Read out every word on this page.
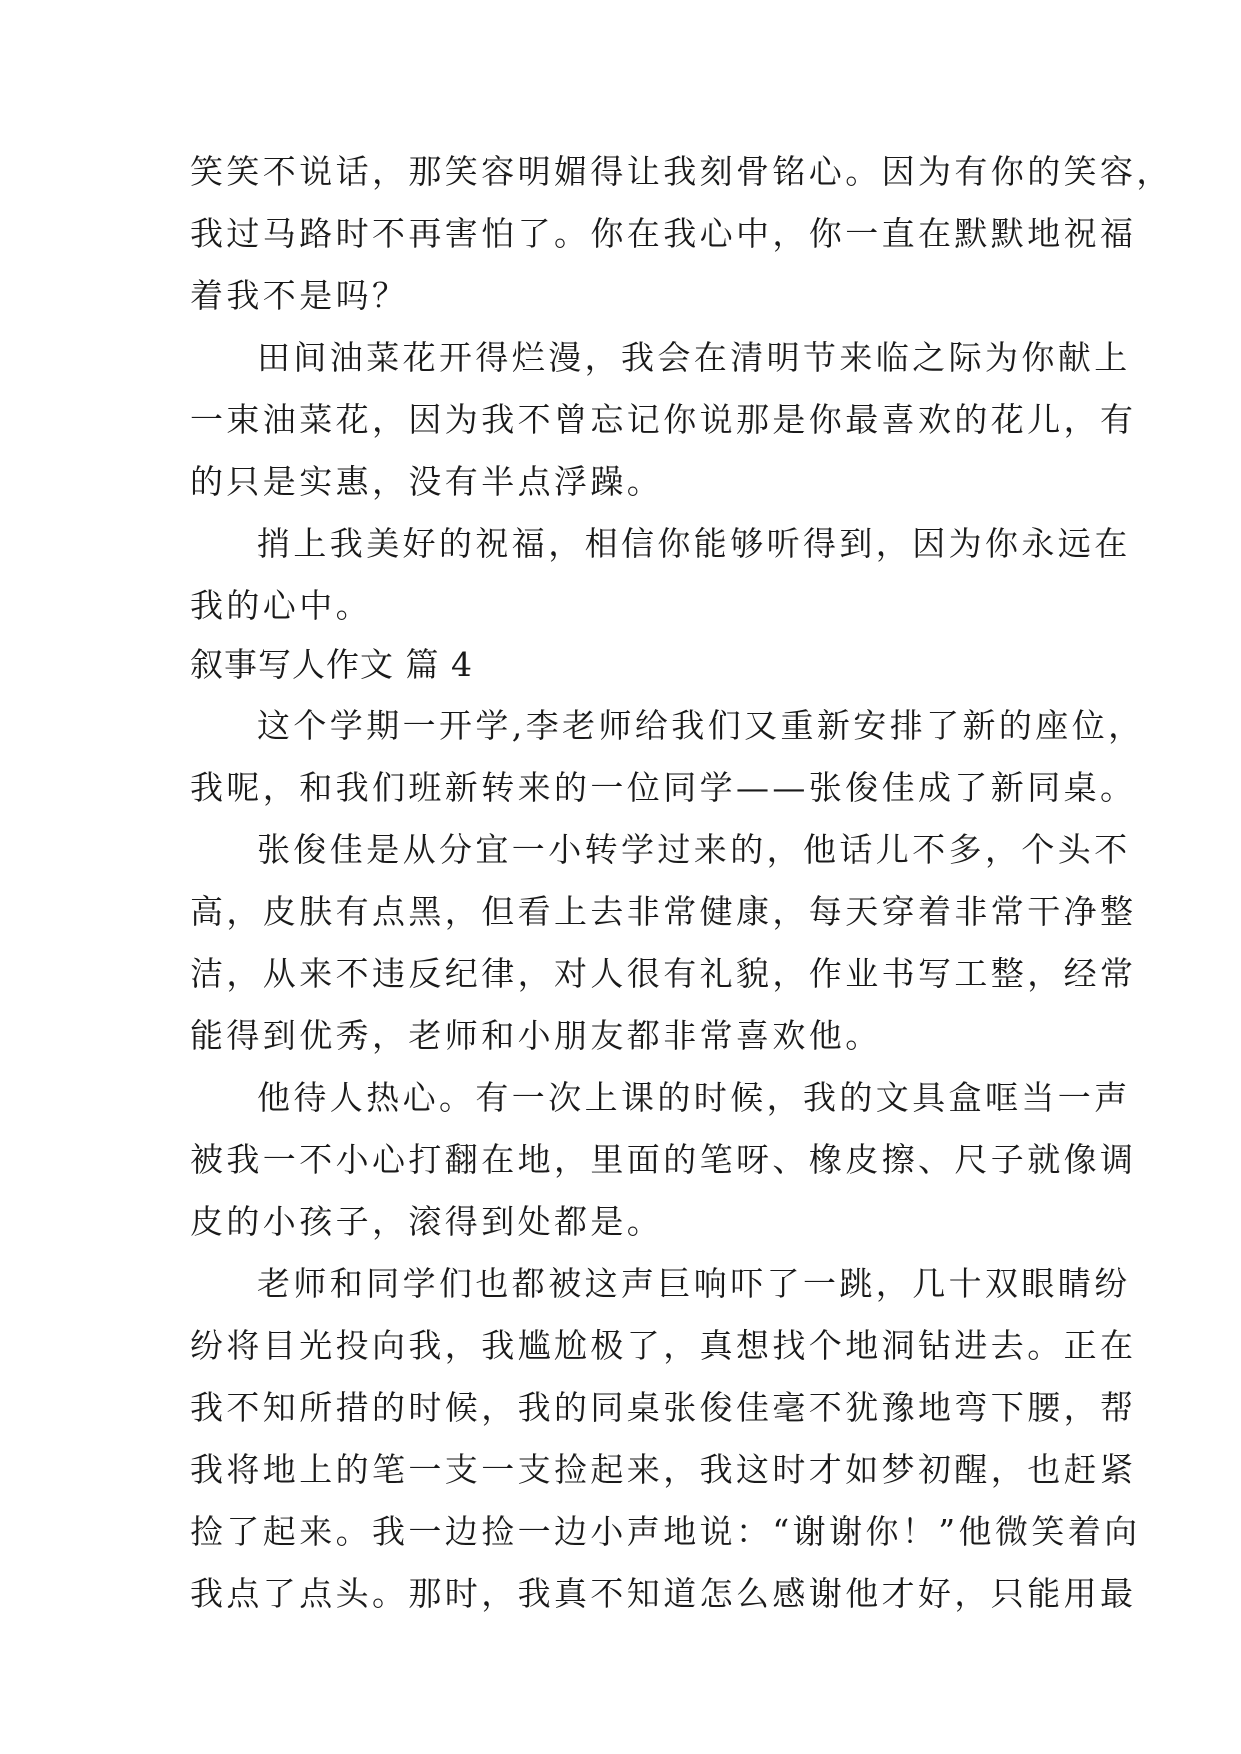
笑笑不说话，那笑容明媚得让我刻骨铭心。因为有你的笑容，
我过马路时不再害怕了。你在我心中，你一直在默默地祝福
着我不是吗？
田间油菜花开得烂漫，我会在清明节来临之际为你献上
一束油菜花，因为我不曾忘记你说那是你最喜欢的花儿，有
的只是实惠，没有半点浮躁。
捎上我美好的祝福，相信你能够听得到，因为你永远在
我的心中。
叙事写人作文 篇 4
这个学期一开学,李老师给我们又重新安排了新的座位，
我呢，和我们班新转来的一位同学——张俊佳成了新同桌。
张俊佳是从分宜一小转学过来的，他话儿不多，个头不
高，皮肤有点黑，但看上去非常健康，每天穿着非常干净整
洁，从来不违反纪律，对人很有礼貌，作业书写工整，经常
能得到优秀，老师和小朋友都非常喜欢他。
他待人热心。有一次上课的时候，我的文具盒哐当一声
被我一不小心打翻在地，里面的笔呀、橡皮擦、尺子就像调
皮的小孩子，滚得到处都是。
老师和同学们也都被这声巨响吓了一跳，几十双眼睛纷
纷将目光投向我，我尴尬极了，真想找个地洞钻进去。正在
我不知所措的时候，我的同桌张俊佳毫不犹豫地弯下腰，帮
我将地上的笔一支一支捡起来，我这时才如梦初醒，也赶紧
捡了起来。我一边捡一边小声地说：“谢谢你！”他微笑着向
我点了点头。那时，我真不知道怎么感谢他才好，只能用最
